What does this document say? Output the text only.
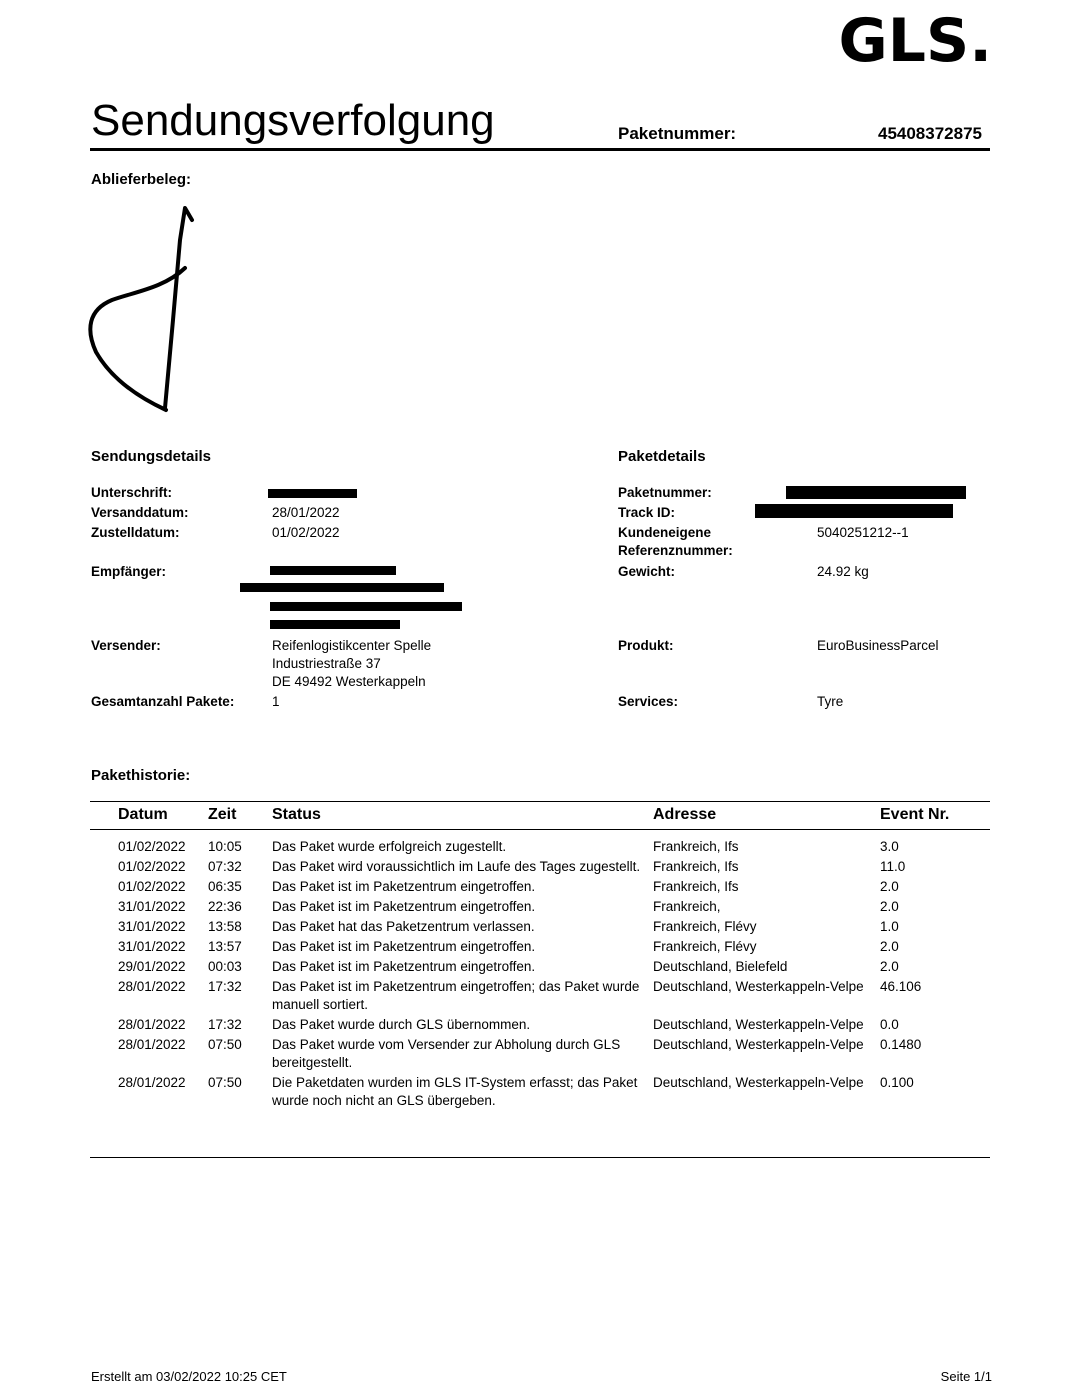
GLS.
Sendungsverfolgung	Paketnummer:	45408372875
Ablieferbeleg:
Sendungsdetails
Unterschrift:
Versanddatum:	28/01/2022
Zustelldatum:	01/02/2022
Empfänger:
Versender:	Reifenlogistikcenter Spelle
Industriestraße 37
DE 49492 Westerkappeln
Gesamtanzahl Pakete:	1
Paketdetails
Paketnummer:
Track ID:
Kundeneigene
Referenznummer:
5040251212--1
Gewicht:	24.92 kg
Produkt:	EuroBusinessParcel
Services:	Tyre
Pakethistorie:
Datum	Zeit Status	Adresse	Event Nr.
	01/02/2022	10:05	Das Paket wurde erfolgreich zugestellt.	Frankreich, Ifs	3.0
	01/02/2022	07:32	Das Paket wird voraussichtlich im Laufe des Tages zugestellt.	Frankreich, Ifs	11.0
	01/02/2022	06:35	Das Paket ist im Paketzentrum eingetroffen.	Frankreich, Ifs	2.0
	31/01/2022	22:36	Das Paket ist im Paketzentrum eingetroffen.	Frankreich,	2.0
	31/01/2022	13:58	Das Paket hat das Paketzentrum verlassen.	Frankreich, Flévy	1.0
	31/01/2022	13:57	Das Paket ist im Paketzentrum eingetroffen.	Frankreich, Flévy	2.0
	29/01/2022	00:03	Das Paket ist im Paketzentrum eingetroffen.	Deutschland, Bielefeld	2.0
	28/01/2022	17:32	Das Paket ist im Paketzentrum eingetroffen; das Paket wurde manuell sortiert.	Deutschland, Westerkappeln-Velpe	46.106
	28/01/2022	17:32	Das Paket wurde durch GLS übernommen.	Deutschland, Westerkappeln-Velpe	0.0
	28/01/2022	07:50	Das Paket wurde vom Versender zur Abholung durch GLS bereitgestellt.	Deutschland, Westerkappeln-Velpe	0.1480
	28/01/2022	07:50	Die Paketdaten wurden im GLS IT-System erfasst; das Paket wurde noch nicht an GLS übergeben.	Deutschland, Westerkappeln-Velpe	0.100
Erstellt am 03/02/2022 10:25 CET	Seite 1/1
